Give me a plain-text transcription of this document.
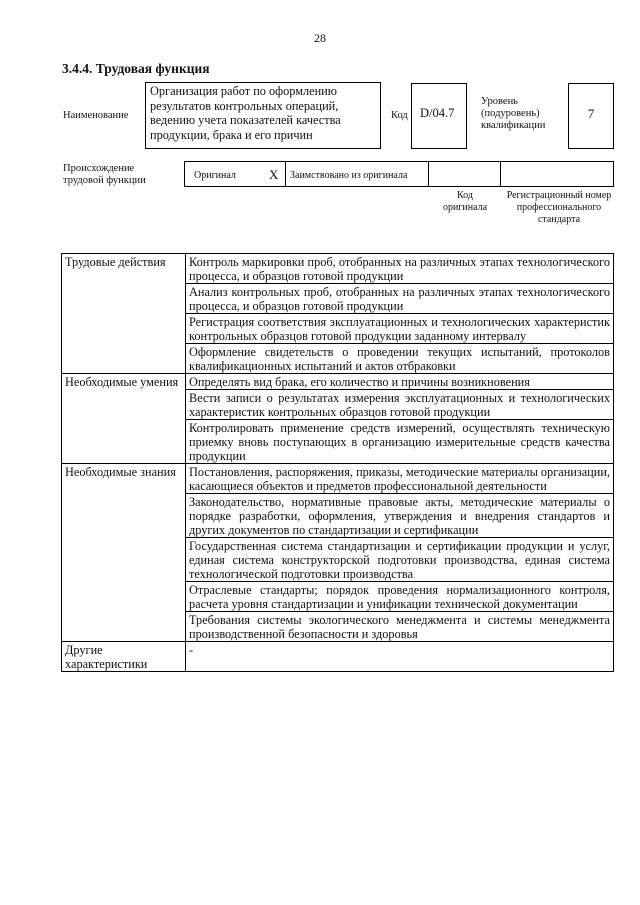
28
3.4.4. Трудовая функция
Наименование
Организация работ по оформлению результатов контрольных операций, ведению учета показателей качества продукции, брака и его причин
Код D/04.7
Уровень (подуровень) квалификации
7
Происхождение трудовой функции	Оригинал	X Заимствовано из оригинала
Код оригинала
Регистрационный номер профессионального стандарта
Трудовые действия	Контроль маркировки проб, отобранных на различных этапах технологического процесса, и образцов готовой продукции
	Анализ контрольных проб, отобранных на различных этапах технологического процесса, и образцов готовой продукции
	Регистрация соответствия эксплуатационных и технологических характеристик контрольных образцов готовой продукции заданному интервалу
	Оформление свидетельств о проведении текущих испытаний, протоколов квалификационных испытаний и актов отбраковки
Необходимые умения	Определять вид брака, его количество и причины возникновения
	Вести записи о результатах измерения эксплуатационных и технологических характеристик контрольных образцов готовой продукции
	Контролировать применение средств измерений, осуществлять техническую приемку вновь поступающих в организацию измерительные средств качества продукции
Необходимые знания	Постановления, распоряжения, приказы, методические материалы организации, касающиеся объектов и предметов профессиональной деятельности
	Законодательство, нормативные правовые акты, методические материалы о порядке разработки, оформления, утверждения и внедрения стандартов и других документов по стандартизации и сертификации
	Государственная система стандартизации и сертификации продукции и услуг, единая система конструкторской подготовки производства, единая система технологической подготовки производства
	Отраслевые стандарты; порядок проведения нормализационного контроля, расчета уровня стандартизации и унификации технической документации
	Требования системы экологического менеджмента и системы менеджмента производственной безопасности и здоровья
Другие характеристики	-
